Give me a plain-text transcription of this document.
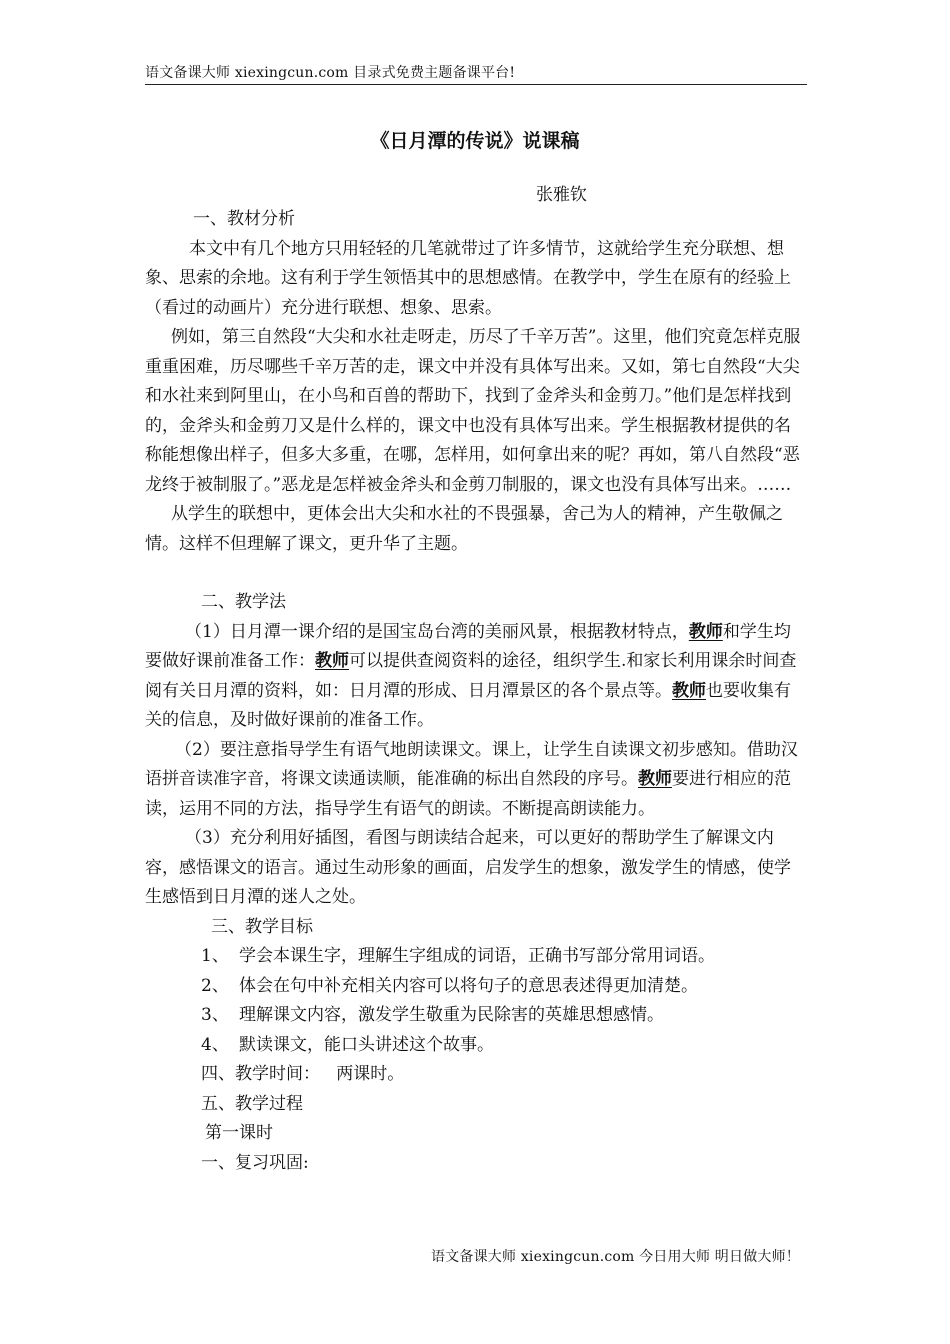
语文备课大师 xiexingcun.com 目录式免费主题备课平台!
《日月潭的传说》说课稿
张雅钦

一、教材分析

本文中有几个地方只用轻轻的几笔就带过了许多情节，这就给学生充分联想、想象、思索的余地。这有利于学生领悟其中的思想感情。在教学中，学生在原有的经验上（看过的动画片）充分进行联想、想象、思索。

例如，第三自然段“大尖和水社走呀走，历尽了千辛万苦”。这里，他们究竟怎样克服重重困难，历尽哪些千辛万苦的走，课文中并没有具体写出来。又如，第七自然段“大尖和水社来到阿里山，在小鸟和百兽的帮助下，找到了金斧头和金剪刀。”他们是怎样找到的，金斧头和金剪刀又是什么样的，课文中也没有具体写出来。学生根据教材提供的名称能想像出样子，但多大多重，在哪，怎样用，如何拿出来的呢？再如，第八自然段“恶龙终于被制服了。”恶龙是怎样被金斧头和金剪刀制服的，课文也没有具体写出来。……

从学生的联想中，更体会出大尖和水社的不畏强暴，舍己为人的精神，产生敬佩之情。这样不但理解了课文，更升华了主题。

二、教学法

（1）日月潭一课介绍的是国宝岛台湾的美丽风景，根据教材特点，教师和学生均要做好课前准备工作：教师可以提供查阅资料的途径，组织学生.和家长利用课余时间查阅有关日月潭的资料，如：日月潭的形成、日月潭景区的各个景点等。教师也要收集有关的信息，及时做好课前的准备工作。

（2）要注意指导学生有语气地朗读课文。课上，让学生自读课文初步感知。借助汉语拼音读准字音，将课文读通读顺，能准确的标出自然段的序号。教师要进行相应的范读，运用不同的方法，指导学生有语气的朗读。不断提高朗读能力。

（3）充分利用好插图，看图与朗读结合起来，可以更好的帮助学生了解课文内容，感悟课文的语言。通过生动形象的画面，启发学生的想象，激发学生的情感，使学生感悟到日月潭的迷人之处。

三、教学目标

1、 学会本课生字，理解生字组成的词语，正确书写部分常用词语。

2、 体会在句中补充相关内容可以将句子的意思表述得更加清楚。

3、 理解课文内容，激发学生敬重为民除害的英雄思想感情。

4、 默读课文，能口头讲述这个故事。

四、教学时间：   两课时。

五、教学过程

第一课时

一、复习巩固:

语文备课大师 xiexingcun.com 今日用大师 明日做大师！
